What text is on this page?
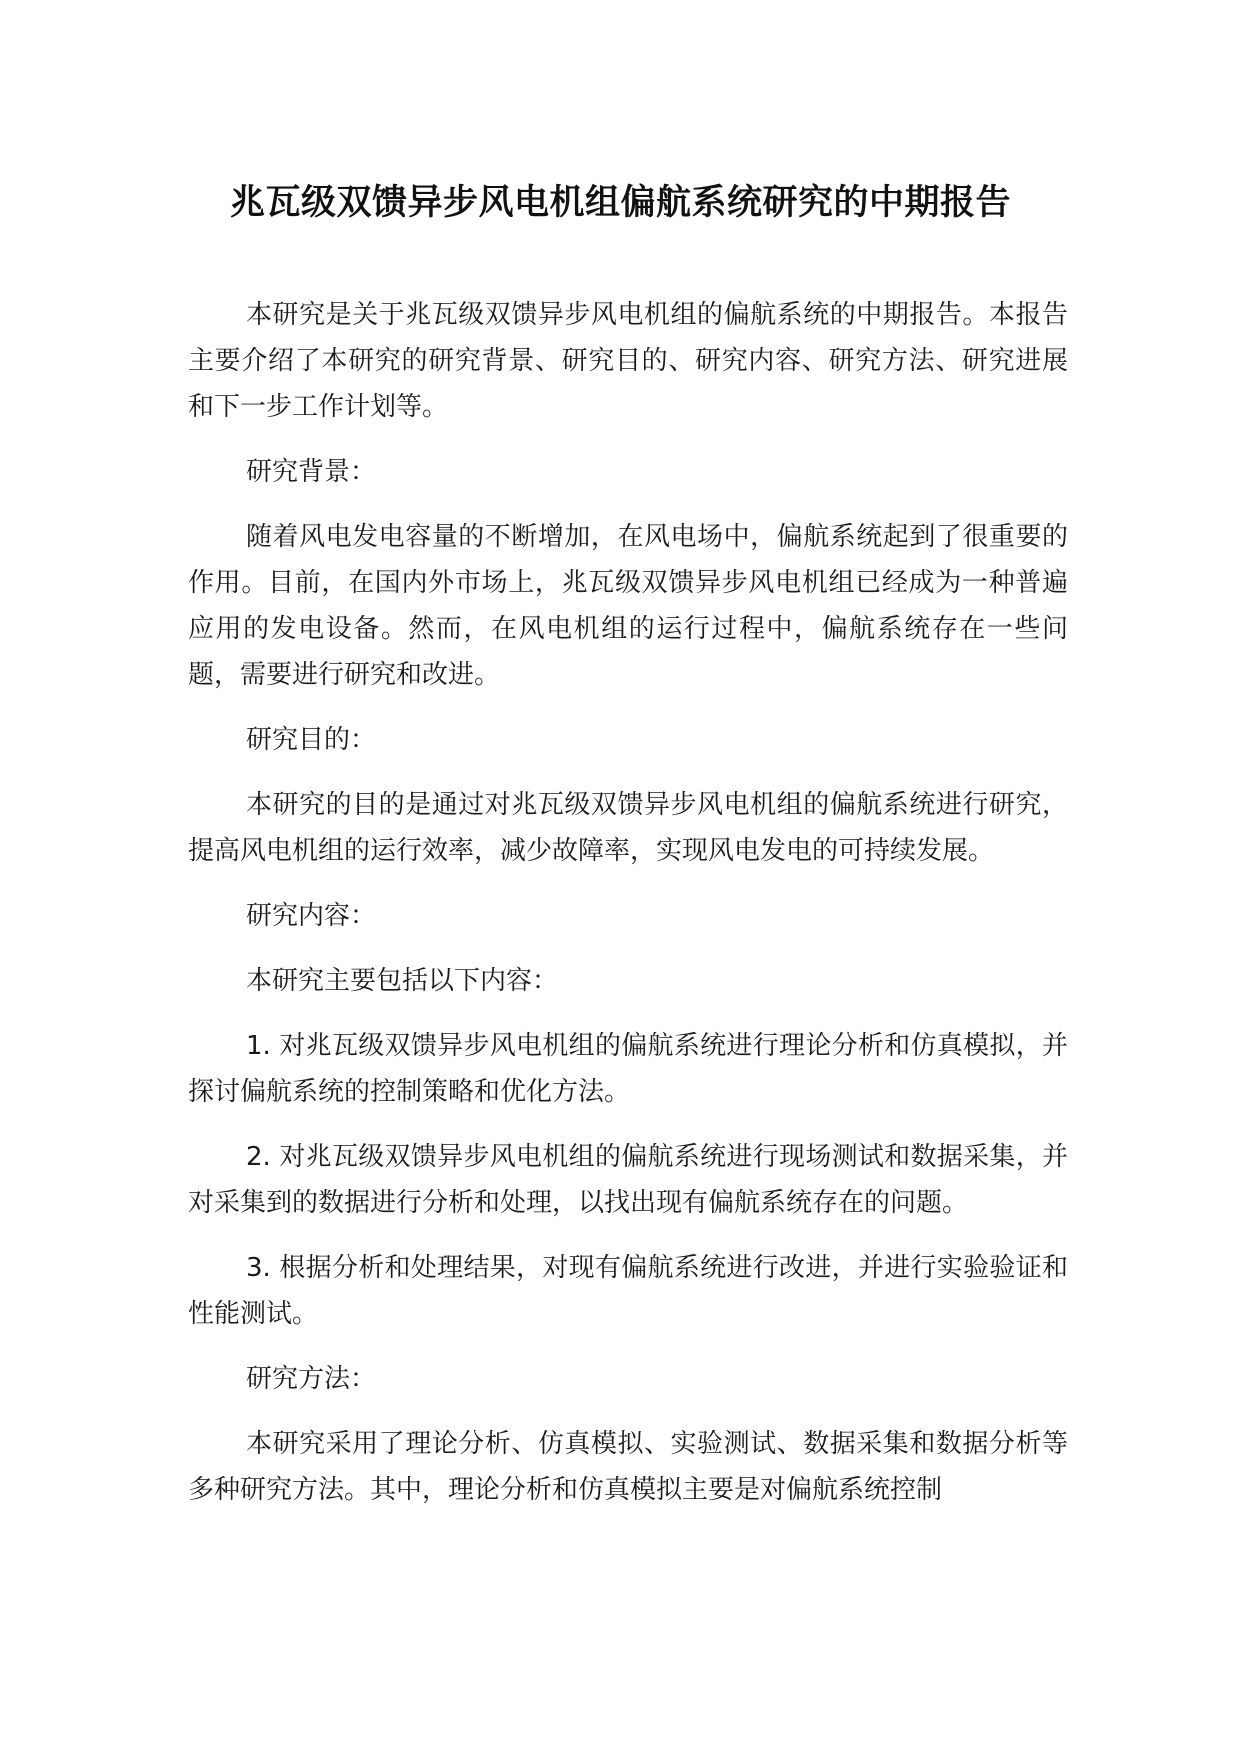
兆瓦级双馈异步风电机组偏航系统研究的中期报告

本研究是关于兆瓦级双馈异步风电机组的偏航系统的中期报告。本报告主要介绍了本研究的研究背景、研究目的、研究内容、研究方法、研究进展和下一步工作计划等。

研究背景：

随着风电发电容量的不断增加，在风电场中，偏航系统起到了很重要的作用。目前，在国内外市场上，兆瓦级双馈异步风电机组已经成为一种普遍应用的发电设备。然而，在风电机组的运行过程中，偏航系统存在一些问题，需要进行研究和改进。

研究目的：

本研究的目的是通过对兆瓦级双馈异步风电机组的偏航系统进行研究，提高风电机组的运行效率，减少故障率，实现风电发电的可持续发展。

研究内容：

本研究主要包括以下内容：

1. 对兆瓦级双馈异步风电机组的偏航系统进行理论分析和仿真模拟，并探讨偏航系统的控制策略和优化方法。

2. 对兆瓦级双馈异步风电机组的偏航系统进行现场测试和数据采集，并对采集到的数据进行分析和处理，以找出现有偏航系统存在的问题。

3. 根据分析和处理结果，对现有偏航系统进行改进，并进行实验验证和性能测试。

研究方法：

本研究采用了理论分析、仿真模拟、实验测试、数据采集和数据分析等多种研究方法。其中，理论分析和仿真模拟主要是对偏航系统控制
